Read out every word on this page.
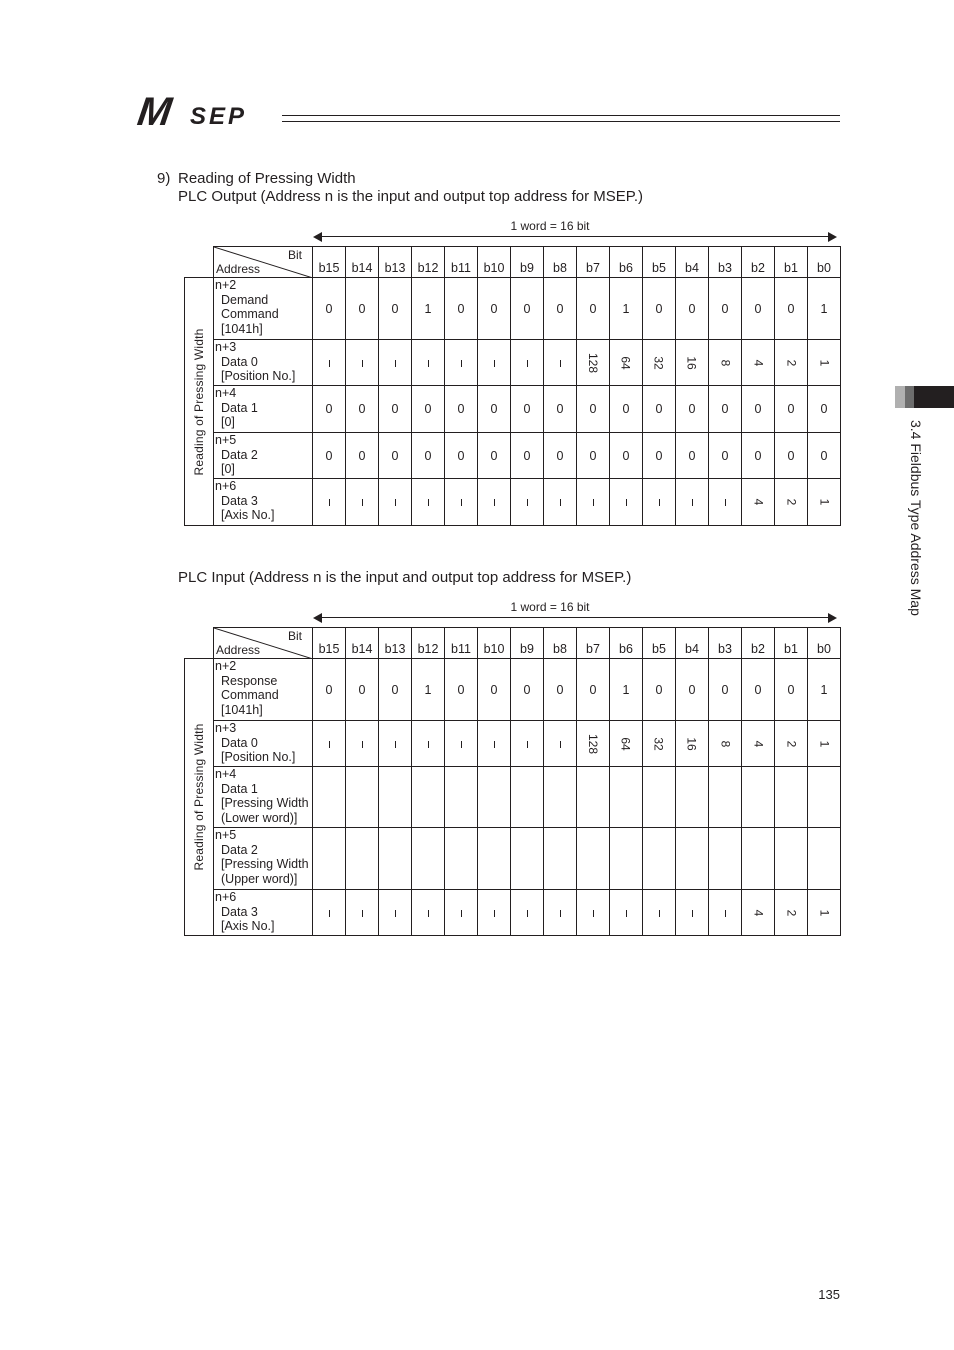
M SEP
3.4 Fieldbus Type Address Map
9) Reading of Pressing Width
PLC Output (Address n is the input and output top address for MSEP.)
1 word = 16 bit

	Bit
Address	b15	b14	b13	b12	b11	b10	b9	b8	b7	b6	b5	b4	b3	b2	b1	b0

Reading of Pressing Width	n+2
Demand
Command
[1041h]	0	0	0	1	0	0	0	0	0	1	0	0	0	0	0	1

	n+3
Data 0
[Position No.]									128	64	32	16	8	4	2	1

	n+4
Data 1
[0]	0	0	0	0	0	0	0	0	0	0	0	0	0	0	0	0

	n+5
Data 2
[0]	0	0	0	0	0	0	0	0	0	0	0	0	0	0	0	0

	n+6
Data 3
[Axis No.]														4	2	1
PLC Input (Address n is the input and output top address for MSEP.)
1 word = 16 bit

	Bit
Address	b15	b14	b13	b12	b11	b10	b9	b8	b7	b6	b5	b4	b3	b2	b1	b0

Reading of Pressing Width	n+2
Response
Command
[1041h]	0	0	0	1	0	0	0	0	0	1	0	0	0	0	0	1

	n+3
Data 0
[Position No.]									128	64	32	16	8	4	2	1

	n+4
Data 1
[Pressing Width
(Lower word)]																

	n+5
Data 2
[Pressing Width
(Upper word)]																

	n+6
Data 3
[Axis No.]														4	2	1
135
